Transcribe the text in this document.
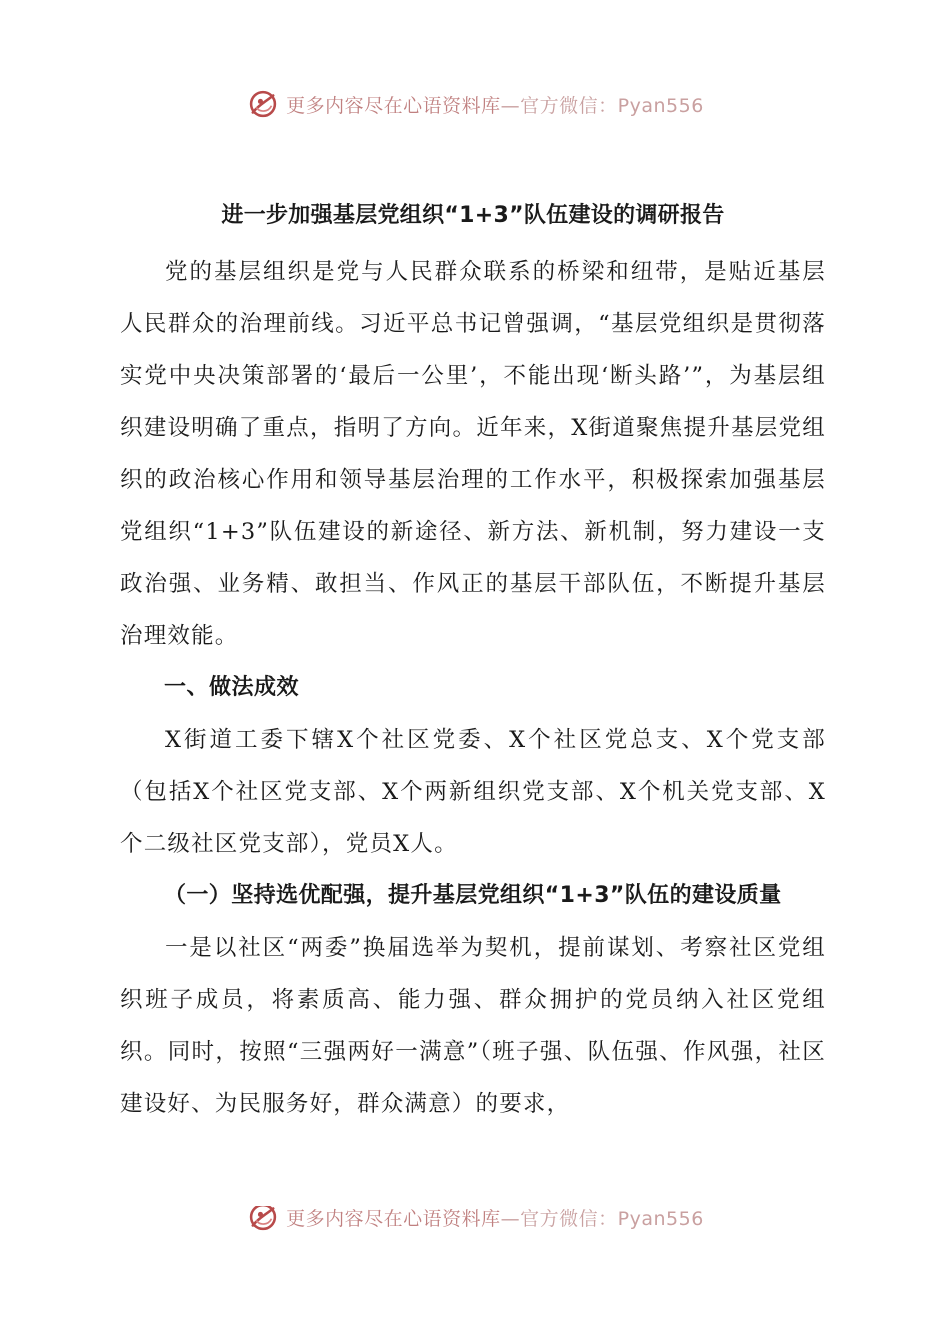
更多内容尽在心语资料库—官方微信：Pyan556
进一步加强基层党组织“1+3”队伍建设的调研报告

党的基层组织是党与人民群众联系的桥梁和纽带，是贴近基层人民群众的治理前线。习近平总书记曾强调，“基层党组织是贯彻落实党中央决策部署的‘最后一公里’，不能出现‘断头路’”，为基层组织建设明确了重点，指明了方向。近年来，X街道聚焦提升基层党组织的政治核心作用和领导基层治理的工作水平，积极探索加强基层党组织“1+3”队伍建设的新途径、新方法、新机制，努力建设一支政治强、业务精、敢担当、作风正的基层干部队伍，不断提升基层治理效能。

一、做法成效

X街道工委下辖X个社区党委、X个社区党总支、X个党支部（包括X个社区党支部、X个两新组织党支部、X个机关党支部、X个二级社区党支部），党员X人。

（一）坚持选优配强，提升基层党组织“1+3”队伍的建设质量

一是以社区“两委”换届选举为契机，提前谋划、考察社区党组织班子成员，将素质高、能力强、群众拥护的党员纳入社区党组织。同时，按照“三强两好一满意”（班子强、队伍强、作风强，社区建设好、为民服务好，群众满意）的要求，

更多内容尽在心语资料库—官方微信：Pyan556
